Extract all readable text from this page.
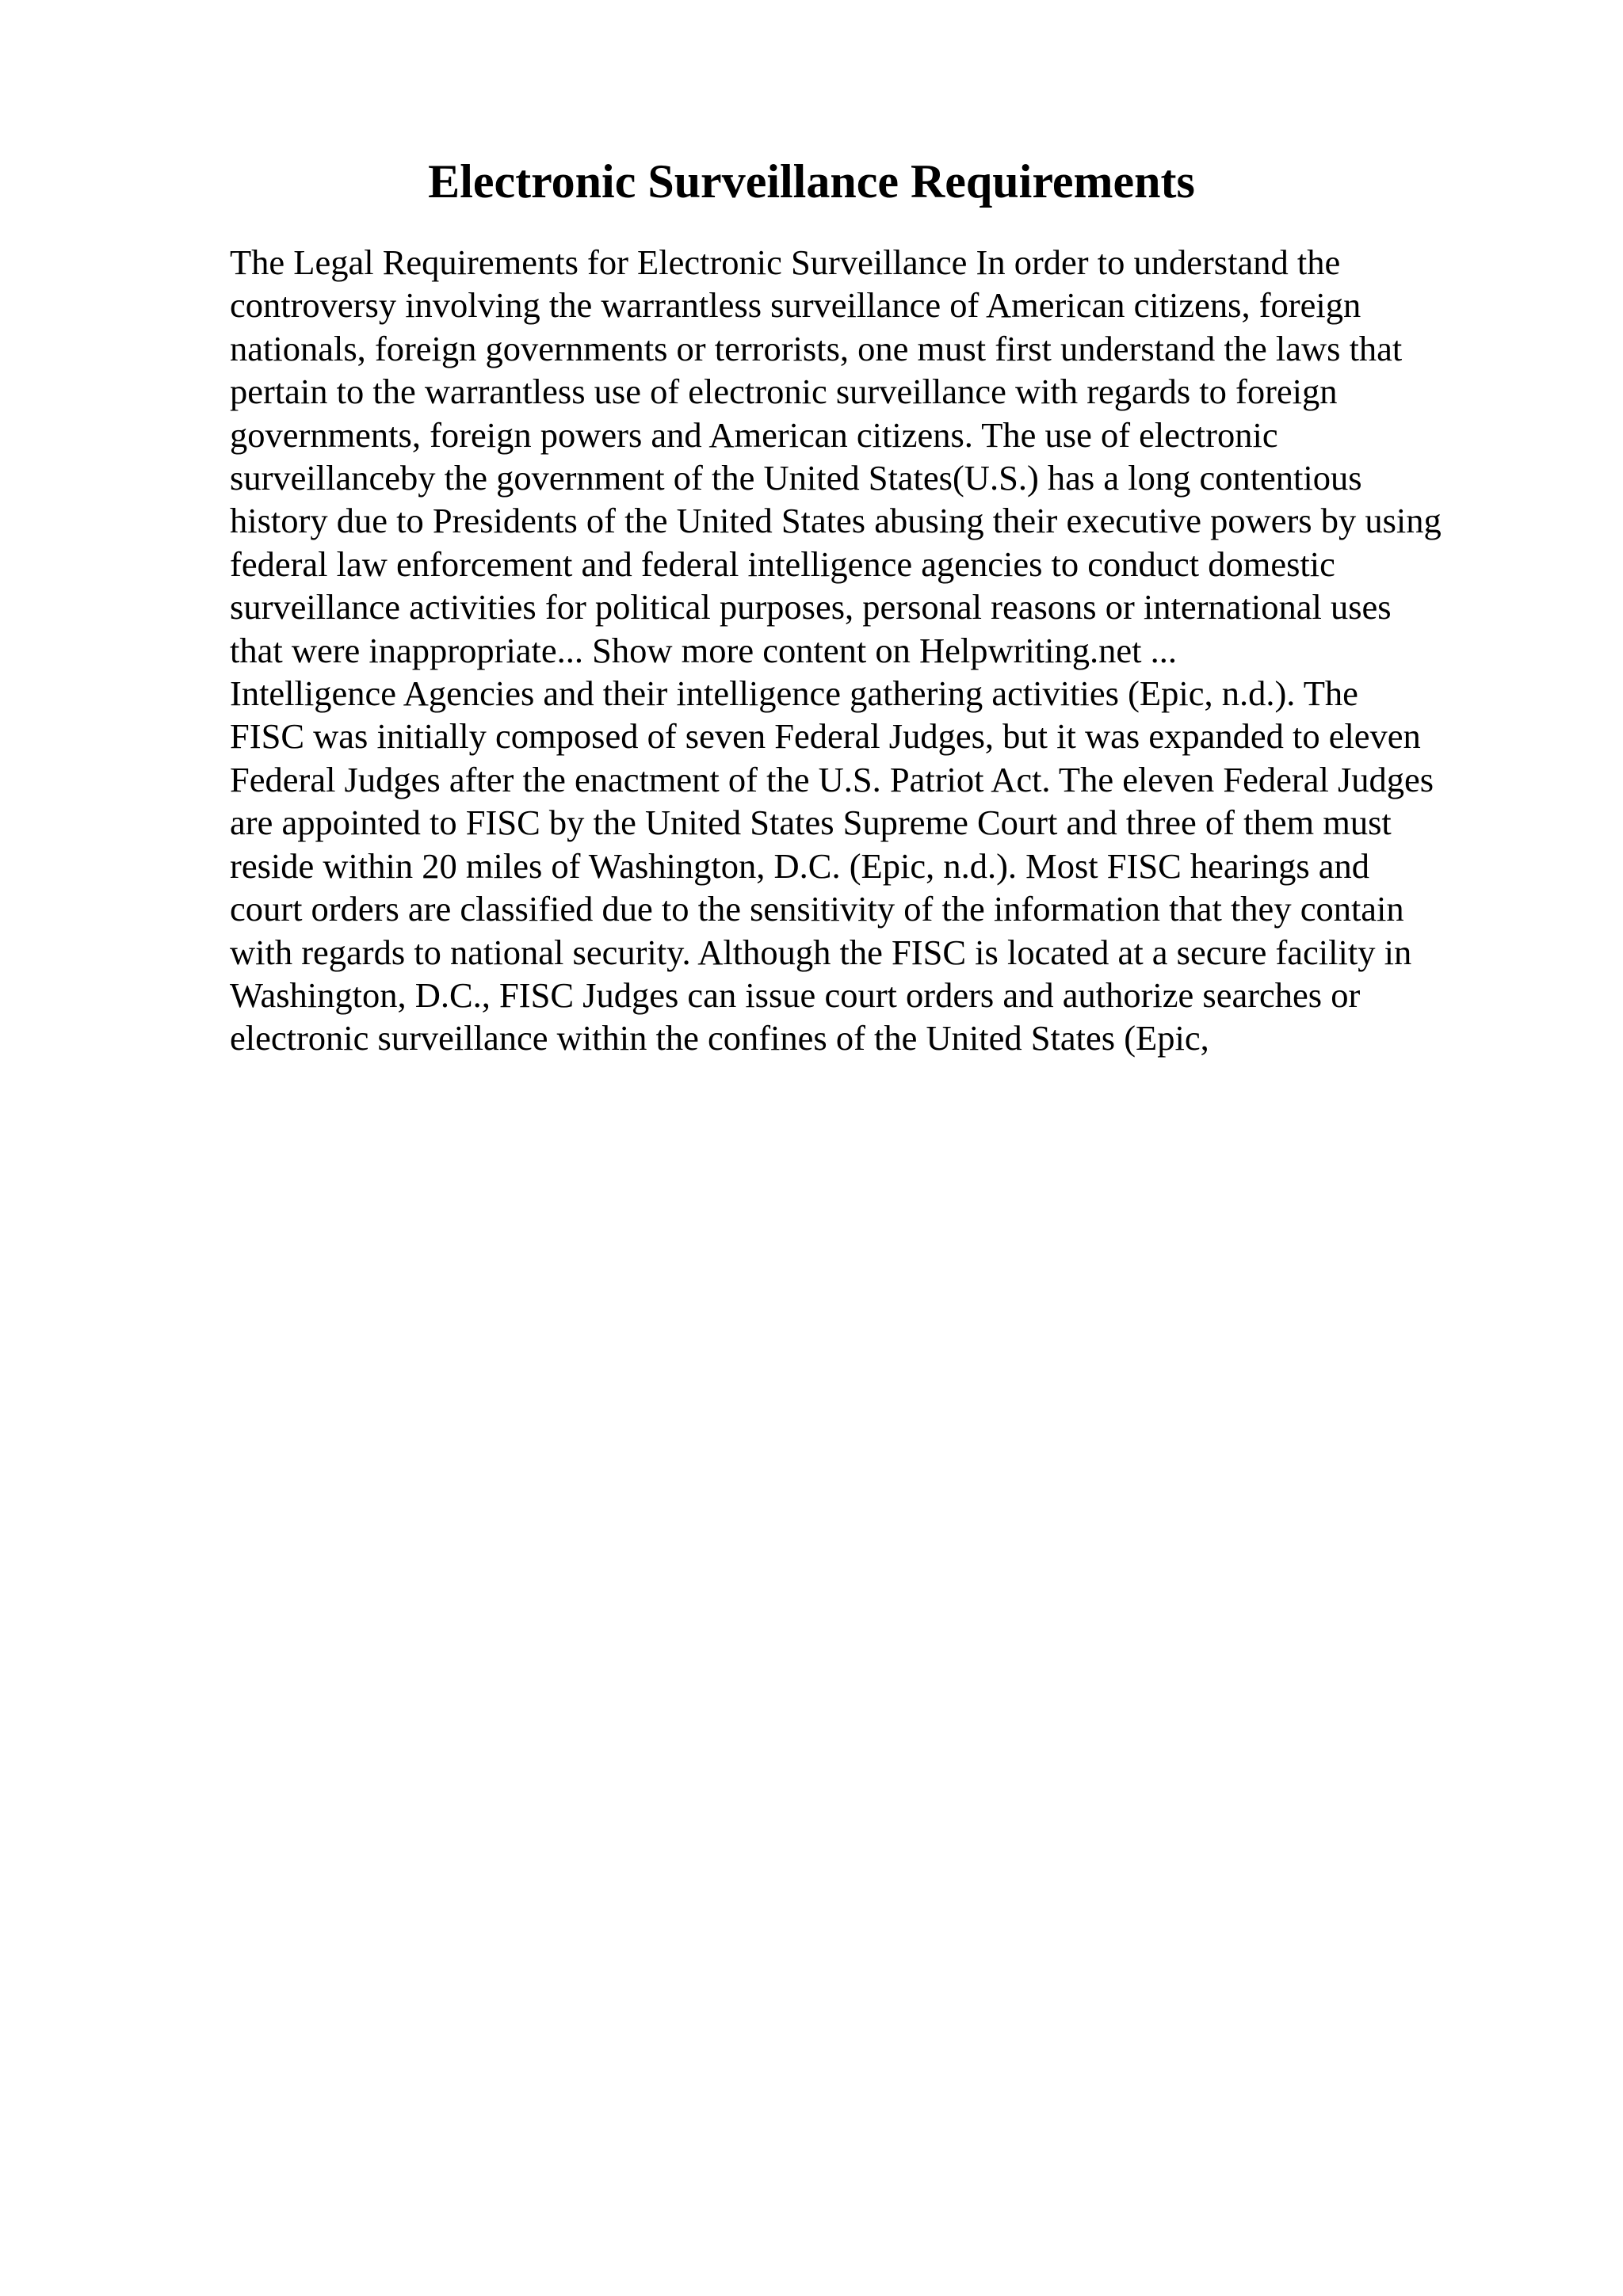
Electronic Surveillance Requirements
The Legal Requirements for Electronic Surveillance In order to understand the
controversy involving the warrantless surveillance of American citizens, foreign
nationals, foreign governments or terrorists, one must first understand the laws that
pertain to the warrantless use of electronic surveillance with regards to foreign
governments, foreign powers and American citizens. The use of electronic
surveillanceby the government of the United States(U.S.) has a long contentious
history due to Presidents of the United States abusing their executive powers by using
federal law enforcement and federal intelligence agencies to conduct domestic
surveillance activities for political purposes, personal reasons or international uses
that were inappropriate... Show more content on Helpwriting.net ...
Intelligence Agencies and their intelligence gathering activities (Epic, n.d.). The
FISC was initially composed of seven Federal Judges, but it was expanded to eleven
Federal Judges after the enactment of the U.S. Patriot Act. The eleven Federal Judges
are appointed to FISC by the United States Supreme Court and three of them must
reside within 20 miles of Washington, D.C. (Epic, n.d.). Most FISC hearings and
court orders are classified due to the sensitivity of the information that they contain
with regards to national security. Although the FISC is located at a secure facility in
Washington, D.C., FISC Judges can issue court orders and authorize searches or
electronic surveillance within the confines of the United States (Epic,
